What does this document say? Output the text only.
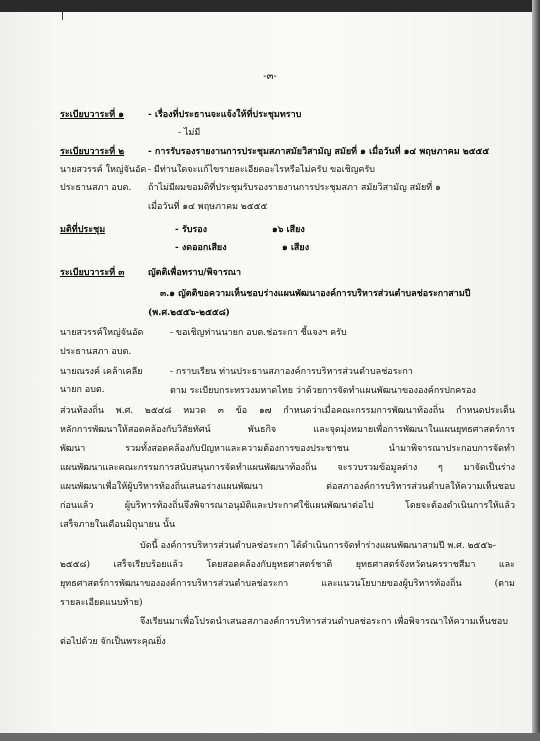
-๓-
ระเบียบวาระที่ ๑	- เรื่องที่ประธานจะแจ้งให้ที่ประชุมทราบ
- ไม่มี
ระเบียบวาระที่ ๒	- การรับรองรายงานการประชุมสภาสมัยวิสามัญ สมัยที่ ๑ เมื่อวันที่ ๑๔ พฤษภาคม ๒๕๕๕
นายสวรรค์ ใหญ่จันอัด
ประธานสภา อบต.
- มีท่านใดจะแก้ไขรายละเอียดอะไรหรือไม่ครับ ขอเชิญครับ
ถ้าไม่มีผมขอมติที่ประชุมรับรองรายงานการประชุมสภา สมัยวิสามัญ สมัยที่ ๑
เมื่อวันที่ ๑๔ พฤษภาคม ๒๕๕๕
มติที่ประชุม	- รับรอง	๑๖ เสียง
- งดออกเสียง	๑ เสียง
ระเบียบวาระที่ ๓	ญัตติเพื่อทราบ/พิจารณา
๓.๑ ญัตติขอความเห็นชอบร่างแผนพัฒนาองค์การบริหารส่วนตำบลช่อระกาสามปี
(พ.ศ.๒๕๕๖-๒๕๕๘)
นายสวรรค์ใหญ่จันอัด
ประธานสภา อบต.
- ขอเชิญท่านนายก อบต.ช่อระกา ชี้แจงฯ ครับ
นายณรงค์ เคล้าเคลีย
นายก อบต.
- กราบเรียน ท่านประธานสภาองค์การบริหารส่วนตำบลช่อระกา
ตาม ระเบียบกระทรวงมหาดไทย ว่าด้วยการจัดทำแผนพัฒนาขององค์กรปกครอง
ส่วนท้องถิ่น พ.ศ. ๒๕๔๘ หมวด ๓ ข้อ ๑๗ กำหนดว่าเมื่อคณะกรรมการพัฒนาท้องถิ่น กำหนดประเด็น
หลักการพัฒนาให้สอดคล้องกับวิสัยทัศน์ พันธกิจ และจุดมุ่งหมายเพื่อการพัฒนาในแผนยุทธศาสตร์การ
พัฒนา รวมทั้งสอดคล้องกับปัญหาและความต้องการของประชาชน นำมาพิจารณาประกอบการจัดทำ
แผนพัฒนาและคณะกรรมการสนับสนุนการจัดทำแผนพัฒนาท้องถิ่น จะรวบรวมข้อมูลต่าง ๆ มาจัดเป็นร่าง
แผนพัฒนาเพื่อให้ผู้บริหารท้องถิ่นเสนอร่างแผนพัฒนา ต่อสภาองค์การบริหารส่วนตำบลให้ความเห็นชอบ
ก่อนแล้ว ผู้บริหารท้องถิ่นจึงพิจารณาอนุมัติและประกาศใช้แผนพัฒนาต่อไป โดยจะต้องดำเนินการให้แล้ว
เสร็จภายในเดือนมิถุนายน นั้น
บัดนี้ องค์การบริหารส่วนตำบลช่อระกา ได้ดำเนินการจัดทำร่างแผนพัฒนาสามปี พ.ศ. ๒๕๕๖-
๒๕๕๘) เสร็จเรียบร้อยแล้ว โดยสอดคล้องกับยุทธศาสตร์ชาติ ยุทธศาสตร์จังหวัดนครราชสีมา และ
ยุทธศาสตร์การพัฒนาขององค์การบริหารส่วนตำบลช่อระกา และแนวนโยบายของผู้บริหารท้องถิ่น (ตาม
รายละเอียดแนบท้าย)
จึงเรียนมาเพื่อโปรดนำเสนอสภาองค์การบริหารส่วนตำบลช่อระกา เพื่อพิจารณาให้ความเห็นชอบ
ต่อไปด้วย จักเป็นพระคุณยิ่ง
